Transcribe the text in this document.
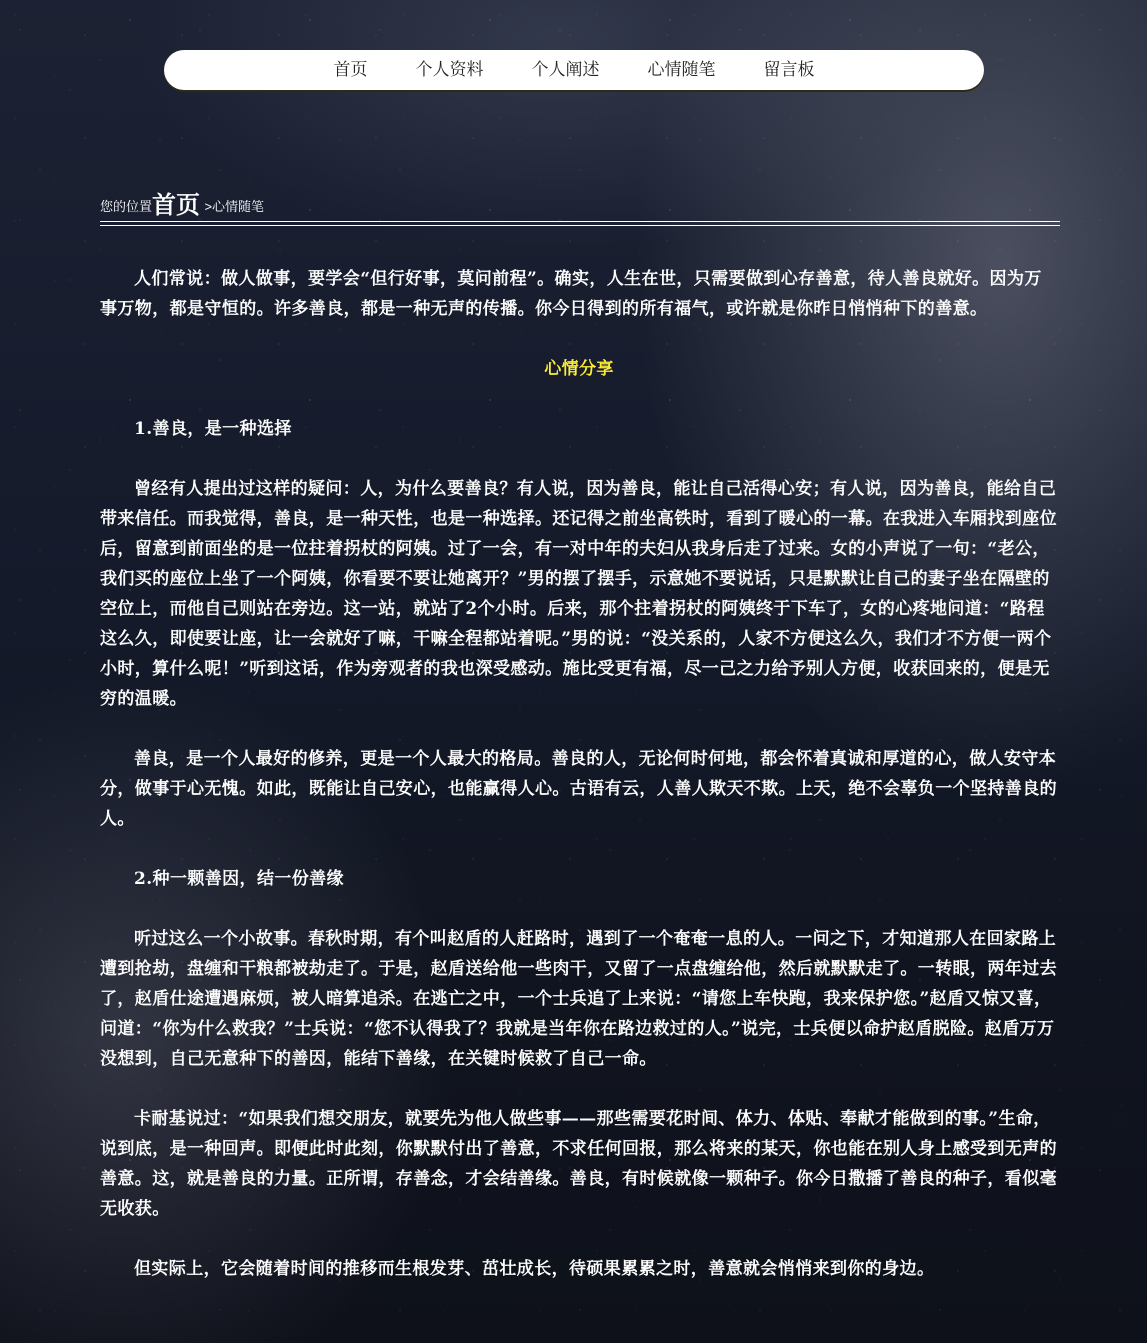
首页	个人资料	个人阐述	心情随笔	留言板
您的位置首页 >心情随笔

人们常说：做人做事，要学会“但行好事，莫问前程”。确实，人生在世，只需要做到心存善意，待人善良就好。因为万事万物，都是守恒的。许多善良，都是一种无声的传播。你今日得到的所有福气，或许就是你昨日悄悄种下的善意。

心情分享

1.善良，是一种选择

曾经有人提出过这样的疑问：人，为什么要善良？有人说，因为善良，能让自己活得心安；有人说，因为善良，能给自己带来信任。而我觉得，善良，是一种天性，也是一种选择。还记得之前坐高铁时，看到了暖心的一幕。在我进入车厢找到座位后，留意到前面坐的是一位拄着拐杖的阿姨。过了一会，有一对中年的夫妇从我身后走了过来。女的小声说了一句：“老公，我们买的座位上坐了一个阿姨，你看要不要让她离开？”男的摆了摆手，示意她不要说话，只是默默让自己的妻子坐在隔壁的空位上，而他自己则站在旁边。这一站，就站了2个小时。后来，那个拄着拐杖的阿姨终于下车了，女的心疼地问道：“路程这么久，即使要让座，让一会就好了嘛，干嘛全程都站着呢。”男的说：“没关系的，人家不方便这么久，我们才不方便一两个小时，算什么呢！”听到这话，作为旁观者的我也深受感动。施比受更有福，尽一己之力给予别人方便，收获回来的，便是无穷的温暖。

善良，是一个人最好的修养，更是一个人最大的格局。善良的人，无论何时何地，都会怀着真诚和厚道的心，做人安守本分，做事于心无愧。如此，既能让自己安心，也能赢得人心。古语有云，人善人欺天不欺。上天，绝不会辜负一个坚持善良的人。

2.种一颗善因，结一份善缘

听过这么一个小故事。春秋时期，有个叫赵盾的人赶路时，遇到了一个奄奄一息的人。一问之下，才知道那人在回家路上遭到抢劫，盘缠和干粮都被劫走了。于是，赵盾送给他一些肉干，又留了一点盘缠给他，然后就默默走了。一转眼，两年过去了，赵盾仕途遭遇麻烦，被人暗算追杀。在逃亡之中，一个士兵追了上来说：“请您上车快跑，我来保护您。”赵盾又惊又喜，问道：“你为什么救我？”士兵说：“您不认得我了？我就是当年你在路边救过的人。”说完，士兵便以命护赵盾脱险。赵盾万万没想到，自己无意种下的善因，能结下善缘，在关键时候救了自己一命。

卡耐基说过：“如果我们想交朋友，就要先为他人做些事——那些需要花时间、体力、体贴、奉献才能做到的事。”生命，说到底，是一种回声。即便此时此刻，你默默付出了善意，不求任何回报，那么将来的某天，你也能在别人身上感受到无声的善意。这，就是善良的力量。正所谓，存善念，才会结善缘。善良，有时候就像一颗种子。你今日撒播了善良的种子，看似毫无收获。

但实际上，它会随着时间的推移而生根发芽、茁壮成长，待硕果累累之时，善意就会悄悄来到你的身边。
